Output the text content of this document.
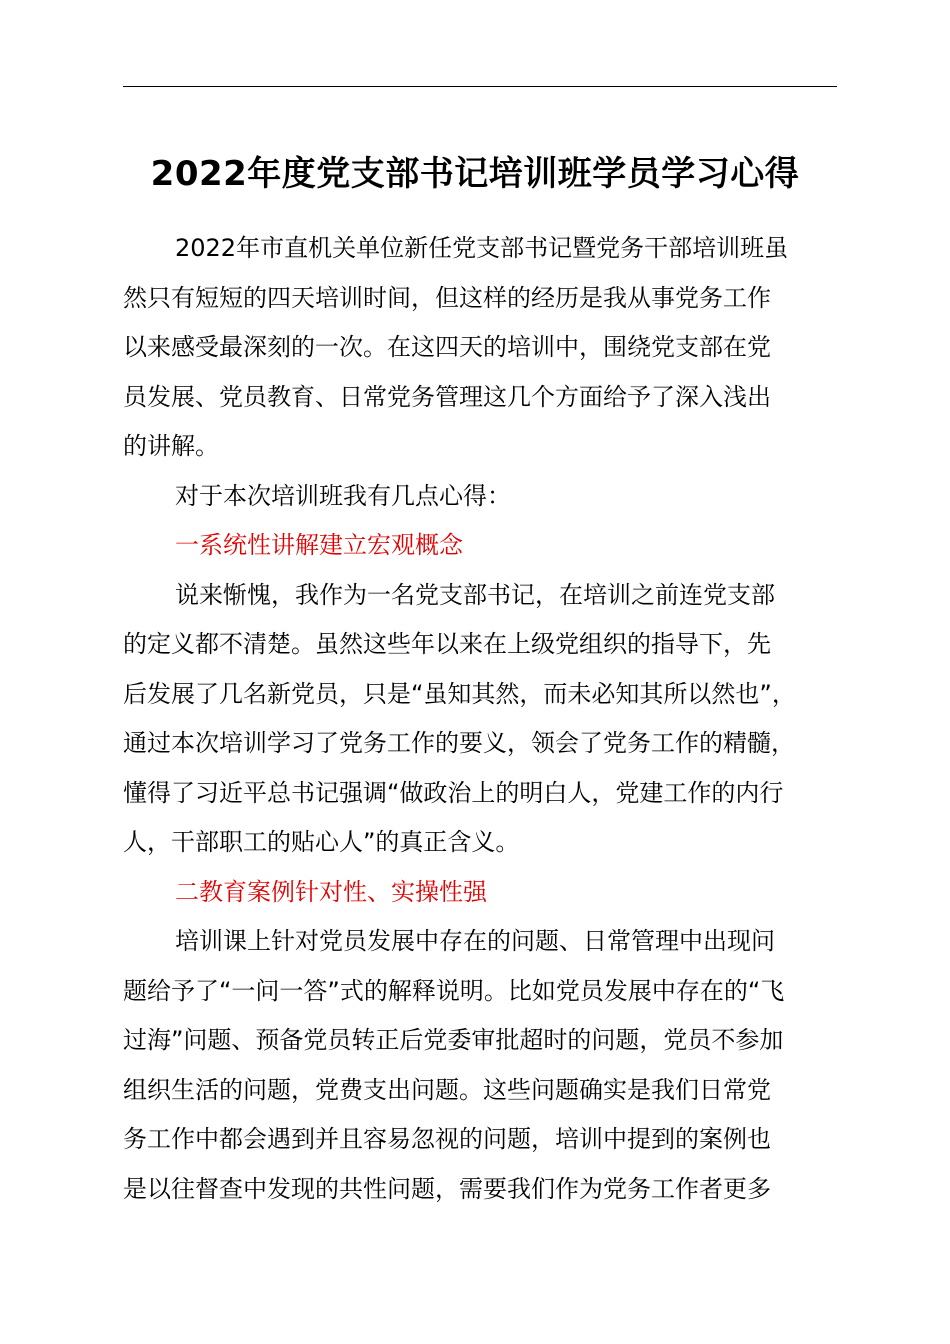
2022年度党支部书记培训班学员学习心得

2022年市直机关单位新任党支部书记暨党务干部培训班虽
然只有短短的四天培训时间，但这样的经历是我从事党务工作
以来感受最深刻的一次。在这四天的培训中，围绕党支部在党
员发展、党员教育、日常党务管理这几个方面给予了深入浅出
的讲解。

对于本次培训班我有几点心得：

一系统性讲解建立宏观概念

说来惭愧，我作为一名党支部书记，在培训之前连党支部
的定义都不清楚。虽然这些年以来在上级党组织的指导下，先
后发展了几名新党员，只是“虽知其然，而未必知其所以然也”，
通过本次培训学习了党务工作的要义，领会了党务工作的精髓，
懂得了习近平总书记强调“做政治上的明白人，党建工作的内行
人，干部职工的贴心人”的真正含义。

二教育案例针对性、实操性强

培训课上针对党员发展中存在的问题、日常管理中出现问
题给予了“一问一答”式的解释说明。比如党员发展中存在的“飞
过海”问题、预备党员转正后党委审批超时的问题，党员不参加
组织生活的问题，党费支出问题。这些问题确实是我们日常党
务工作中都会遇到并且容易忽视的问题，培训中提到的案例也
是以往督查中发现的共性问题，需要我们作为党务工作者更多
